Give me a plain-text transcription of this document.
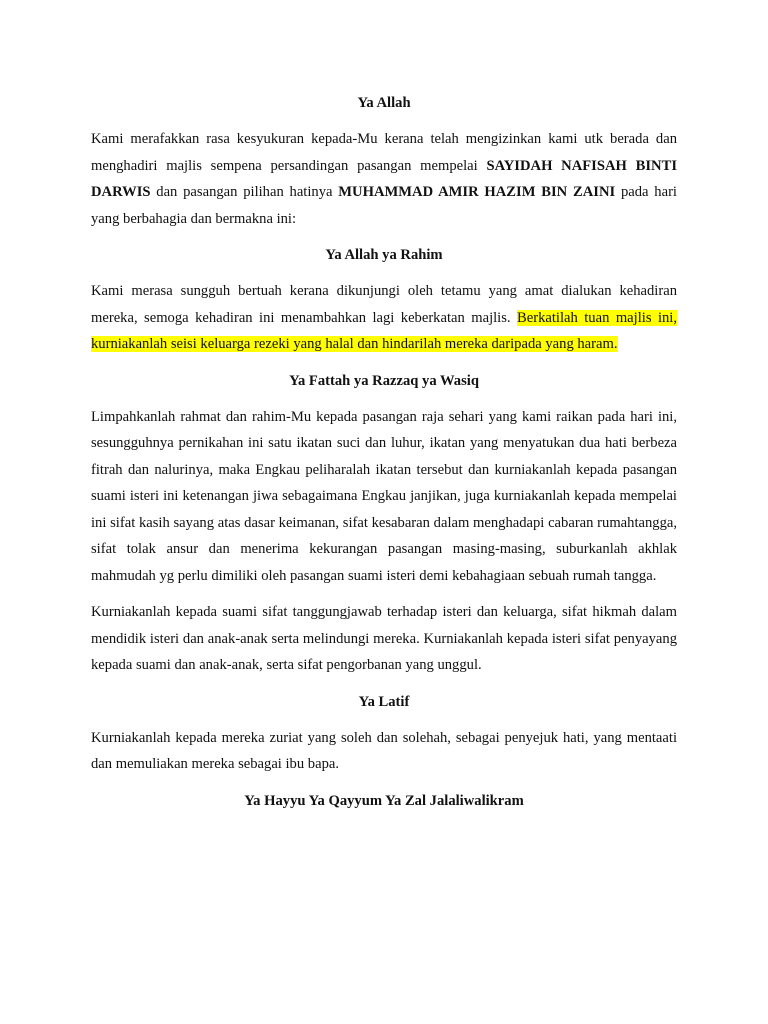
Ya Allah

Kami merafakkan rasa kesyukuran kepada-Mu kerana telah mengizinkan kami utk berada dan menghadiri majlis sempena persandingan pasangan mempelai SAYIDAH NAFISAH BINTI DARWIS dan pasangan pilihan hatinya MUHAMMAD AMIR HAZIM BIN ZAINI pada hari yang berbahagia dan bermakna ini:

Ya Allah ya Rahim

Kami merasa sungguh bertuah kerana dikunjungi oleh tetamu yang amat dialukan kehadiran mereka, semoga kehadiran ini menambahkan lagi keberkatan majlis. Berkatilah tuan majlis ini, kurniakanlah seisi keluarga rezeki yang halal dan hindarilah mereka daripada yang haram.

Ya Fattah ya Razzaq ya Wasiq

Limpahkanlah rahmat dan rahim-Mu kepada pasangan raja sehari yang kami raikan pada hari ini, sesungguhnya pernikahan ini satu ikatan suci dan luhur, ikatan yang menyatukan dua hati berbeza fitrah dan nalurinya, maka Engkau peliharalah ikatan tersebut dan kurniakanlah kepada pasangan suami isteri ini ketenangan jiwa sebagaimana Engkau janjikan, juga kurniakanlah kepada mempelai ini sifat kasih sayang atas dasar keimanan, sifat kesabaran dalam menghadapi cabaran rumahtangga, sifat tolak ansur dan menerima kekurangan pasangan masing-masing, suburkanlah akhlak mahmudah yg perlu dimiliki oleh pasangan suami isteri demi kebahagiaan sebuah rumah tangga.

Kurniakanlah kepada suami sifat tanggungjawab terhadap isteri dan keluarga, sifat hikmah dalam mendidik isteri dan anak-anak serta melindungi mereka. Kurniakanlah kepada isteri sifat penyayang kepada suami dan anak-anak, serta sifat pengorbanan yang unggul.

Ya Latif

Kurniakanlah kepada mereka zuriat yang soleh dan solehah, sebagai penyejuk hati, yang mentaati dan memuliakan mereka sebagai ibu bapa.

Ya Hayyu Ya Qayyum Ya Zal Jalaliwalikram
